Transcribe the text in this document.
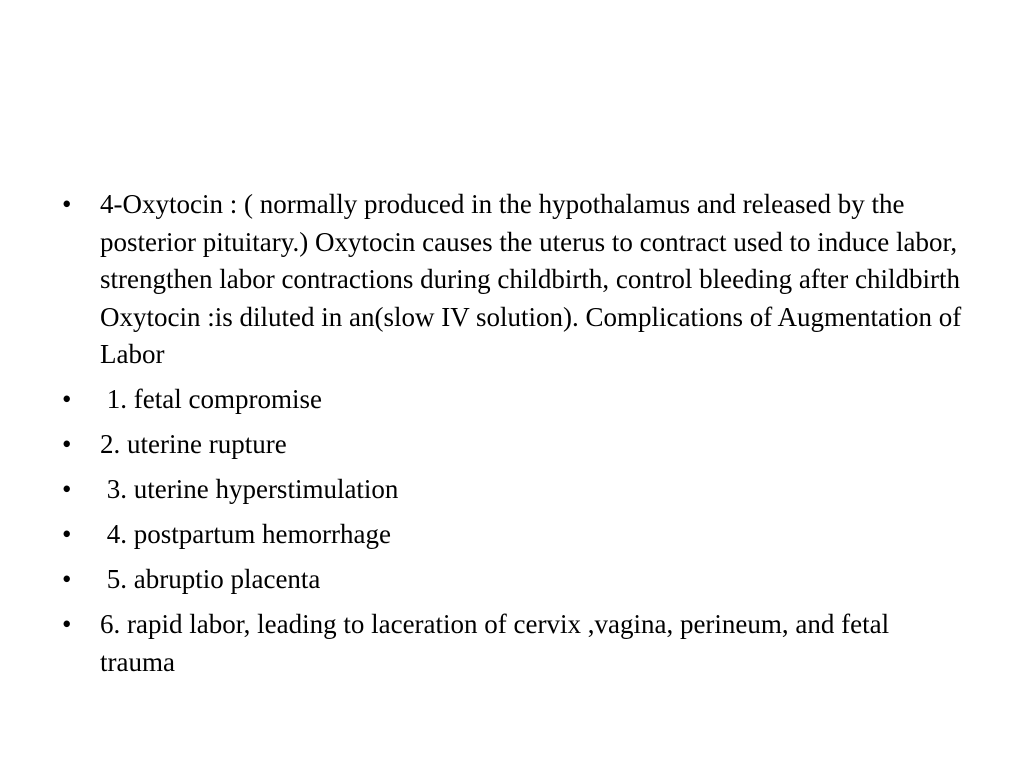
•	4-Oxytocin : ( normally produced in the hypothalamus and released by the posterior pituitary.) Oxytocin causes the uterus to contract used to induce labor, strengthen labor contractions during childbirth, control bleeding after childbirth Oxytocin :is diluted in an(slow IV solution). Complications of Augmentation of Labor
•	1. fetal compromise
•	2. uterine rupture
•	3. uterine hyperstimulation
•	4. postpartum hemorrhage
•	5. abruptio placenta
•	6. rapid labor, leading to laceration of cervix ,vagina, perineum, and fetal trauma
